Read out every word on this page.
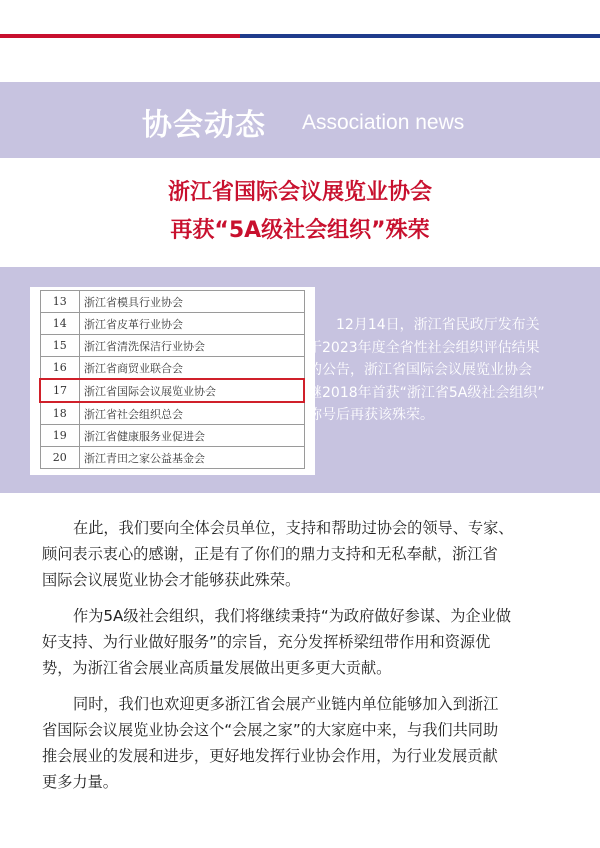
协会动态 Association news
浙江省国际会议展览业协会
再获“5A级社会组织”殊荣
13	浙江省模具行业协会
14	浙江省皮革行业协会
15	浙江省清洗保洁行业协会
16	浙江省商贸业联合会
17	浙江省国际会议展览业协会
18	浙江省社会组织总会
19	浙江省健康服务业促进会
20	浙江青田之家公益基金会
　　12月14日，浙江省民政厅发布关
于2023年度全省性社会组织评估结果
的公告，浙江省国际会议展览业协会
继2018年首获“浙江省5A级社会组织”
称号后再获该殊荣。

在此，我们要向全体会员单位，支持和帮助过协会的领导、专家、
顾问表示衷心的感谢，正是有了你们的鼎力支持和无私奉献，浙江省
国际会议展览业协会才能够获此殊荣。

作为5A级社会组织，我们将继续秉持“为政府做好参谋、为企业做
好支持、为行业做好服务”的宗旨，充分发挥桥梁纽带作用和资源优
势，为浙江省会展业高质量发展做出更多更大贡献。

同时，我们也欢迎更多浙江省会展产业链内单位能够加入到浙江
省国际会议展览业协会这个“会展之家”的大家庭中来，与我们共同助
推会展业的发展和进步，更好地发挥行业协会作用，为行业发展贡献
更多力量。
